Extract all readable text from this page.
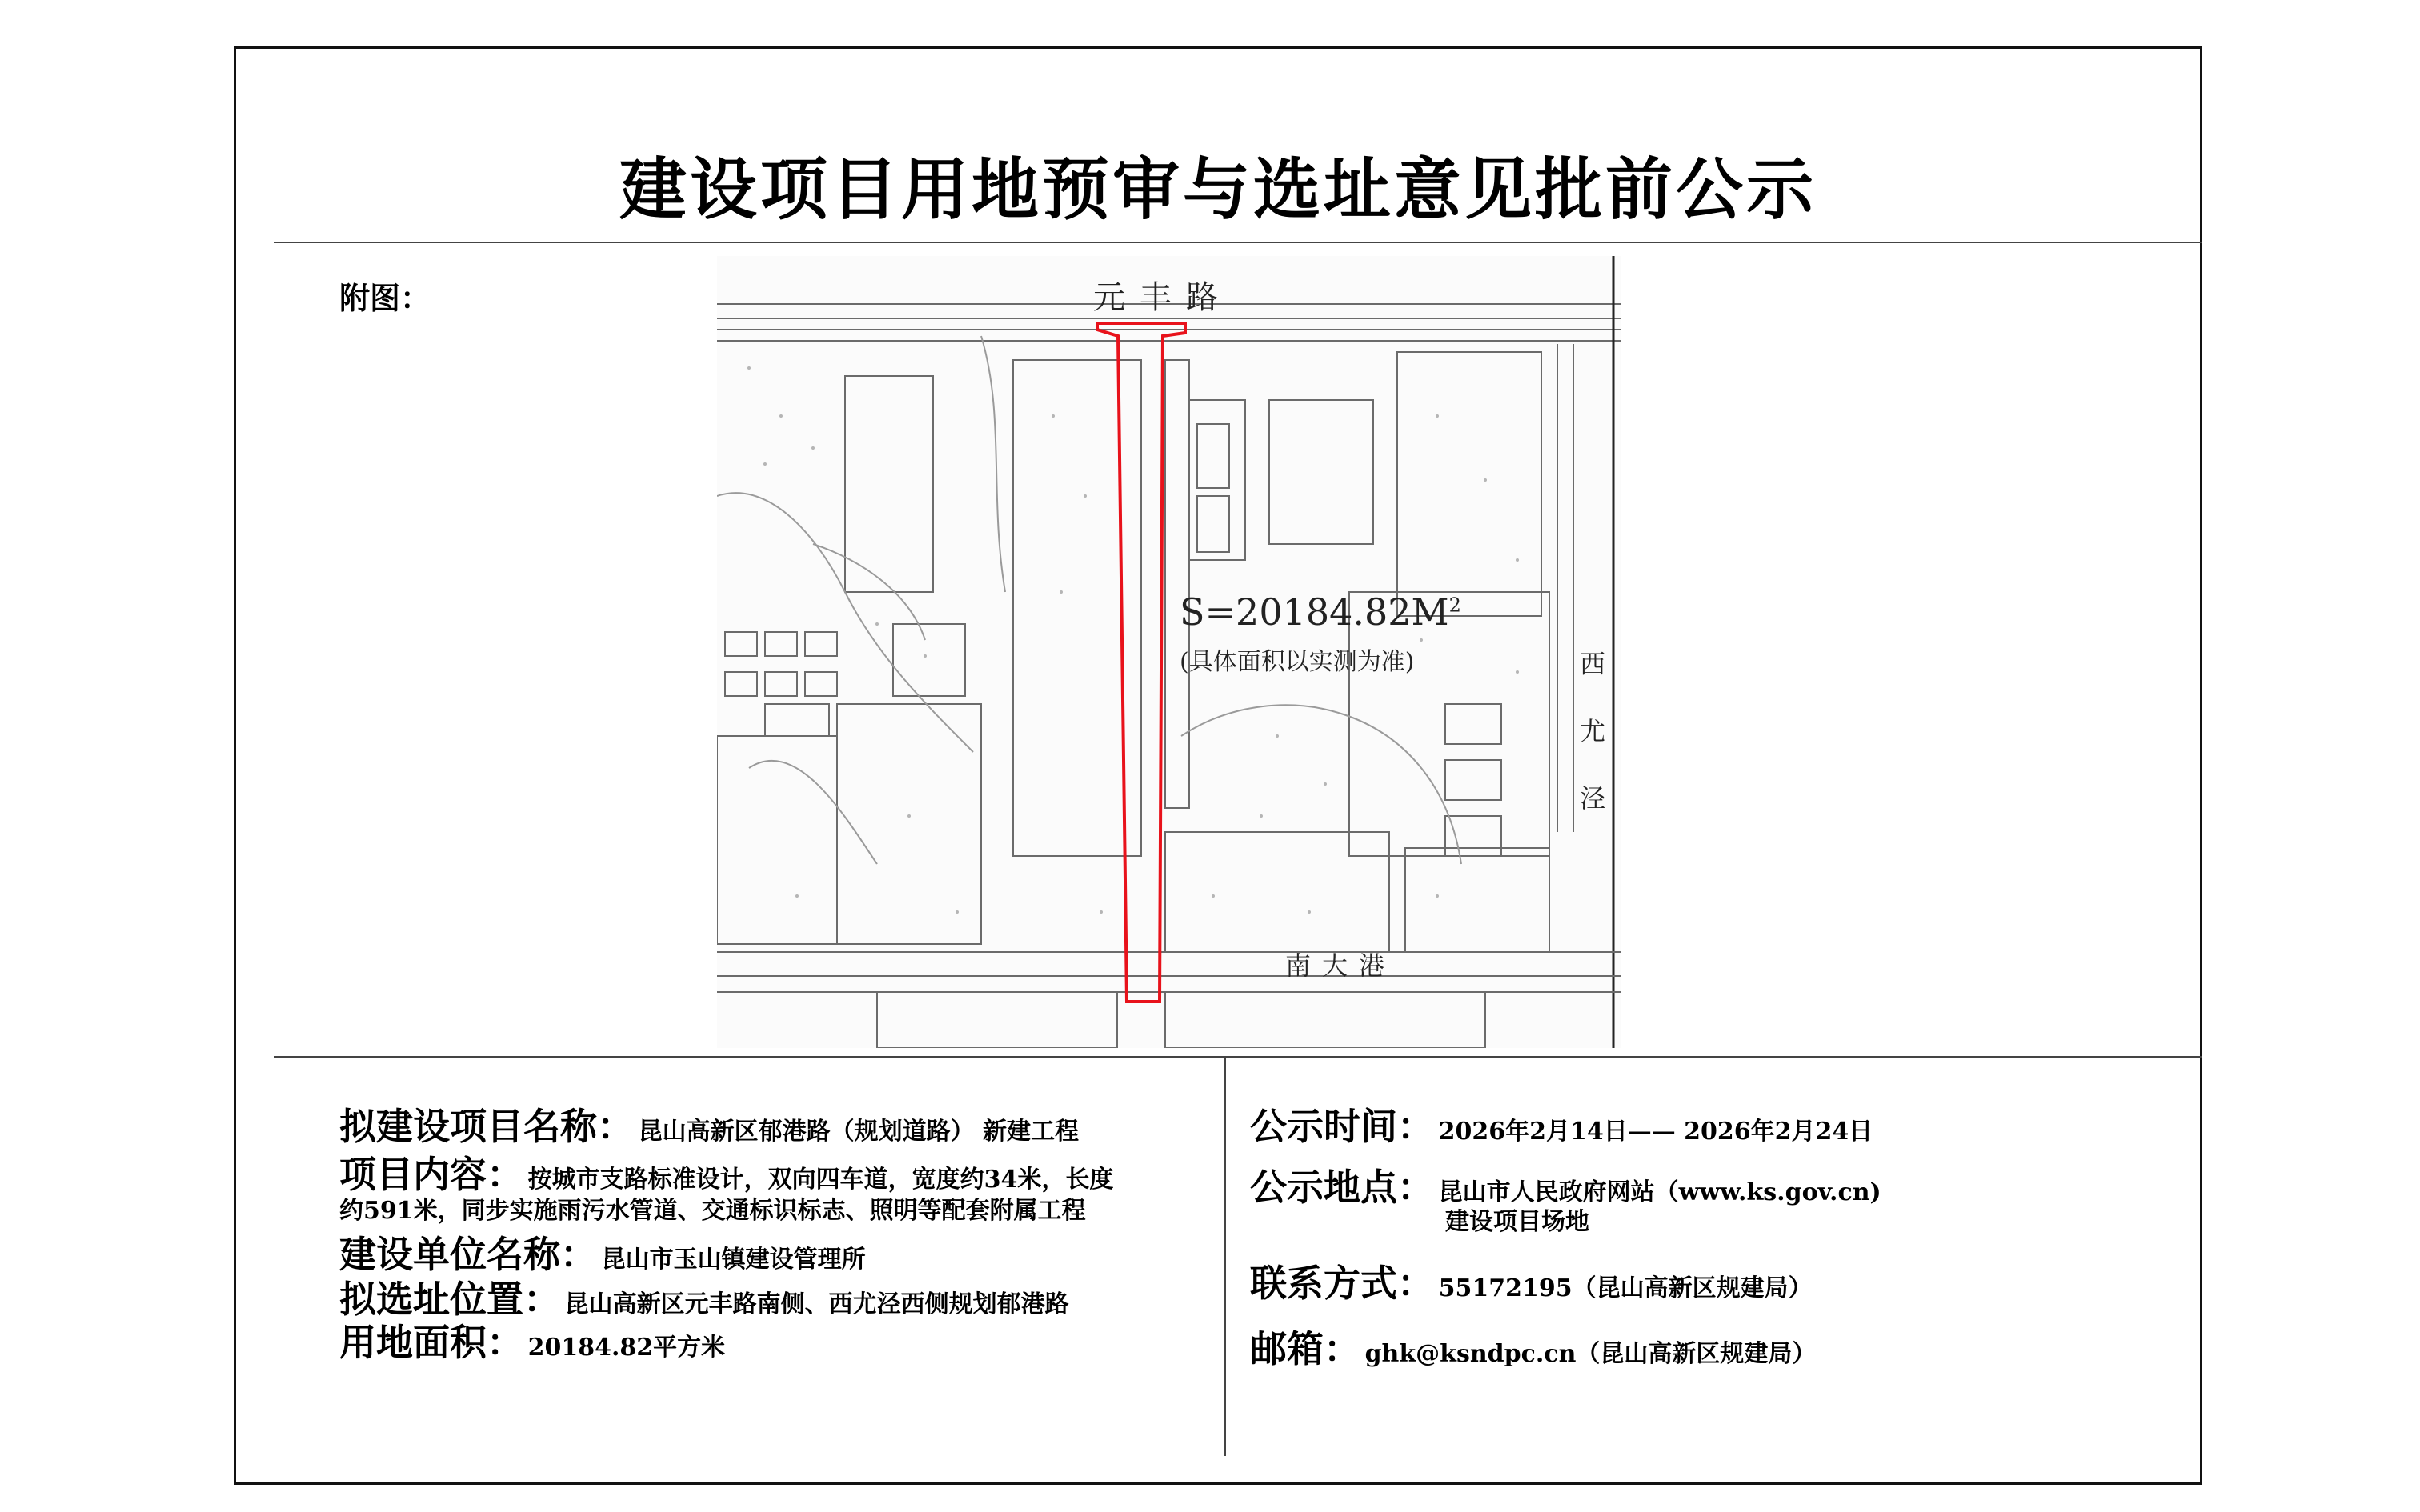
建设项目用地预审与选址意见批前公示
附图：	元丰路
南大港
西
尤
泾
$S=20184.82M^2$
(具体面积以实测为准)
拟建设项目名称： 昆山高新区郁港路（规划道路） 新建工程
项目内容： 按城市支路标准设计，双向四车道，宽度约34米，长度
约591米，同步实施雨污水管道、交通标识标志、照明等配套附属工程
建设单位名称： 昆山市玉山镇建设管理所
拟选址位置： 昆山高新区元丰路南侧、西尤泾西侧规划郁港路
用地面积： 20184.82平方米
公示时间： 2026年2月14日—— 2026年2月24日
公示地点： 昆山市人民政府网站（www.ks.gov.cn)
建设项目场地
联系方式： 55172195（昆山高新区规建局）
邮箱： ghk@ksndpc.cn（昆山高新区规建局）
